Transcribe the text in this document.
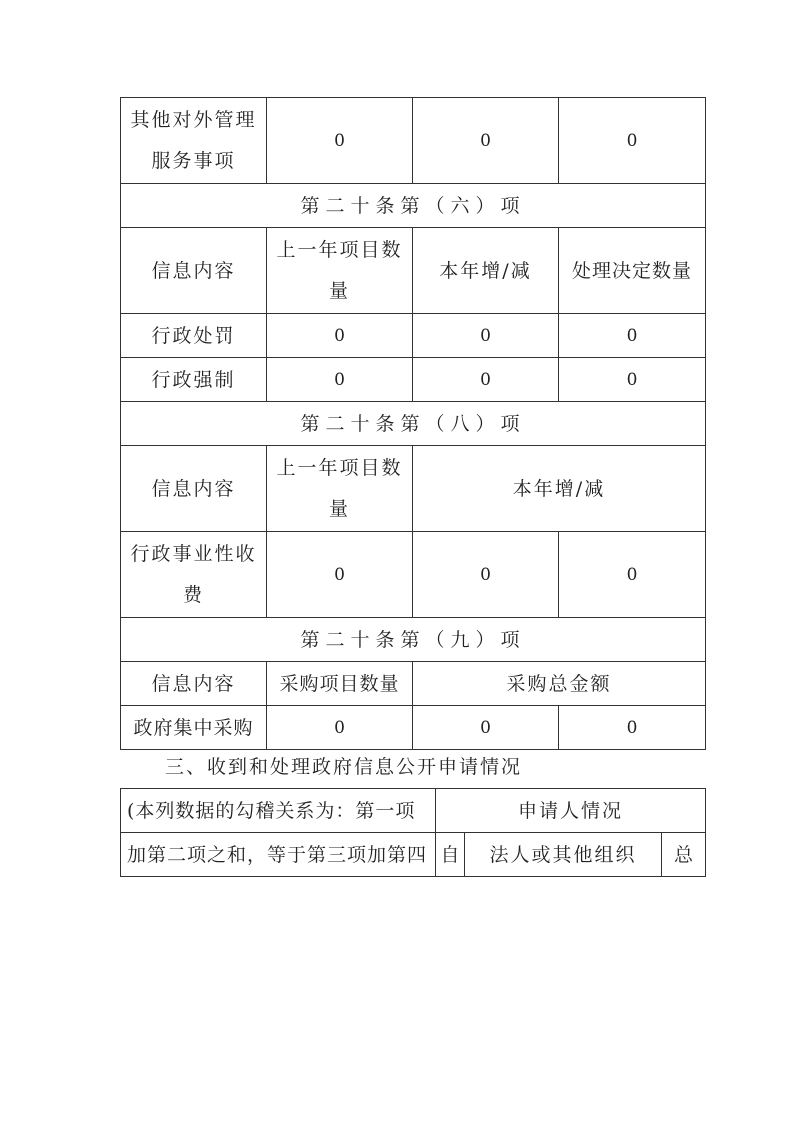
其他对外管理服务事项	0	0	0
第二十条第（六）项			
信息内容	上一年项目数量	本年增/减	处理决定数量
行政处罚	0	0	0
行政强制	0	0	0
第二十条第（八）项			
信息内容	上一年项目数量	本年增/减	
行政事业性收费	0	0	0
第二十条第（九）项			
信息内容	采购项目数量	采购总金额	
政府集中采购	0	0	0

三、收到和处理政府信息公开申请情况

(本列数据的勾稽关系为：第一项	申请人情况		
加第二项之和，等于第三项加第四	自	法人或其他组织	总
